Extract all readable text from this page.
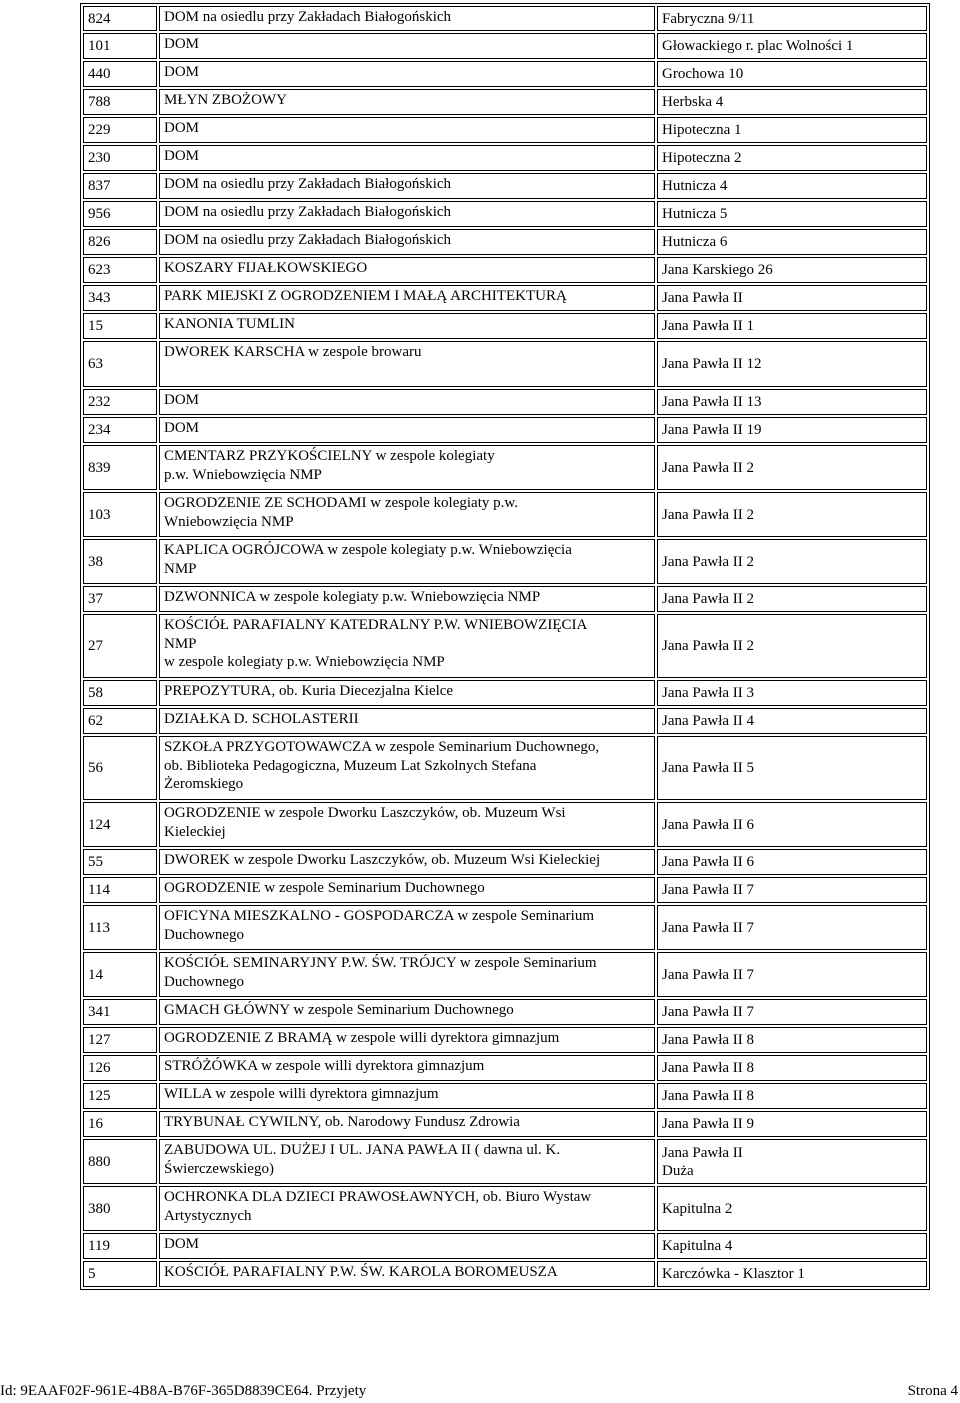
824	DOM na osiedlu przy Zakładach Białogońskich	Fabryczna 9/11
101	DOM	Głowackiego r. plac Wolności 1
440	DOM	Grochowa 10
788	MŁYN ZBOŻOWY	Herbska 4
229	DOM	Hipoteczna 1
230	DOM	Hipoteczna 2
837	DOM na osiedlu przy Zakładach Białogońskich	Hutnicza 4
956	DOM na osiedlu przy Zakładach Białogońskich	Hutnicza 5
826	DOM na osiedlu przy Zakładach Białogońskich	Hutnicza 6
623	KOSZARY FIJAŁKOWSKIEGO	Jana Karskiego 26
343	PARK MIEJSKI Z OGRODZENIEM I MAŁĄ ARCHITEKTURĄ	Jana Pawła II
15	KANONIA TUMLIN	Jana Pawła II 1
63	DWOREK KARSCHA w zespole browaru	Jana Pawła II 12
232	DOM	Jana Pawła II 13
234	DOM	Jana Pawła II 19
839	CMENTARZ PRZYKOŚCIELNY w zespole kolegiaty
p.w. Wniebowzięcia NMP	Jana Pawła II 2
103	OGRODZENIE ZE SCHODAMI w zespole kolegiaty p.w.
Wniebowzięcia NMP	Jana Pawła II 2
38	KAPLICA OGRÓJCOWA w zespole kolegiaty p.w. Wniebowzięcia
NMP	Jana Pawła II 2
37	DZWONNICA w zespole kolegiaty p.w. Wniebowzięcia NMP	Jana Pawła II 2
27	KOŚCIÓŁ PARAFIALNY KATEDRALNY P.W. WNIEBOWZIĘCIA
NMP
w zespole kolegiaty p.w. Wniebowzięcia NMP	Jana Pawła II 2
58	PREPOZYTURA, ob. Kuria Diecezjalna Kielce	Jana Pawła II 3
62	DZIAŁKA D. SCHOLASTERII	Jana Pawła II 4
56	SZKOŁA PRZYGOTOWAWCZA w zespole Seminarium Duchownego,
ob. Biblioteka Pedagogiczna, Muzeum Lat Szkolnych Stefana
Żeromskiego	Jana Pawła II 5
124	OGRODZENIE w zespole Dworku Laszczyków, ob. Muzeum Wsi
Kieleckiej	Jana Pawła II 6
55	DWOREK w zespole Dworku Laszczyków, ob. Muzeum Wsi Kieleckiej	Jana Pawła II 6
114	OGRODZENIE w zespole Seminarium Duchownego	Jana Pawła II 7
113	OFICYNA MIESZKALNO - GOSPODARCZA w zespole Seminarium
Duchownego	Jana Pawła II 7
14	KOŚCIÓŁ SEMINARYJNY P.W. ŚW. TRÓJCY w zespole Seminarium
Duchownego	Jana Pawła II 7
341	GMACH GŁÓWNY w zespole Seminarium Duchownego	Jana Pawła II 7
127	OGRODZENIE Z BRAMĄ w zespole willi dyrektora gimnazjum	Jana Pawła II 8
126	STRÓŻÓWKA w zespole willi dyrektora gimnazjum	Jana Pawła II 8
125	WILLA w zespole willi dyrektora gimnazjum	Jana Pawła II 8
16	TRYBUNAŁ CYWILNY, ob. Narodowy Fundusz Zdrowia	Jana Pawła II 9
880	ZABUDOWA UL. DUŻEJ I UL. JANA PAWŁA II ( dawna ul. K.
Świerczewskiego)	Jana Pawła II
Duża
380	OCHRONKA DLA DZIECI PRAWOSŁAWNYCH, ob. Biuro Wystaw
Artystycznych	Kapitulna 2
119	DOM	Kapitulna 4
5	KOŚCIÓŁ PARAFIALNY P.W. ŚW. KAROLA BOROMEUSZA	Karczówka - Klasztor 1
Id: 9EAAF02F-961E-4B8A-B76F-365D8839CE64. Przyjety	Strona 4
